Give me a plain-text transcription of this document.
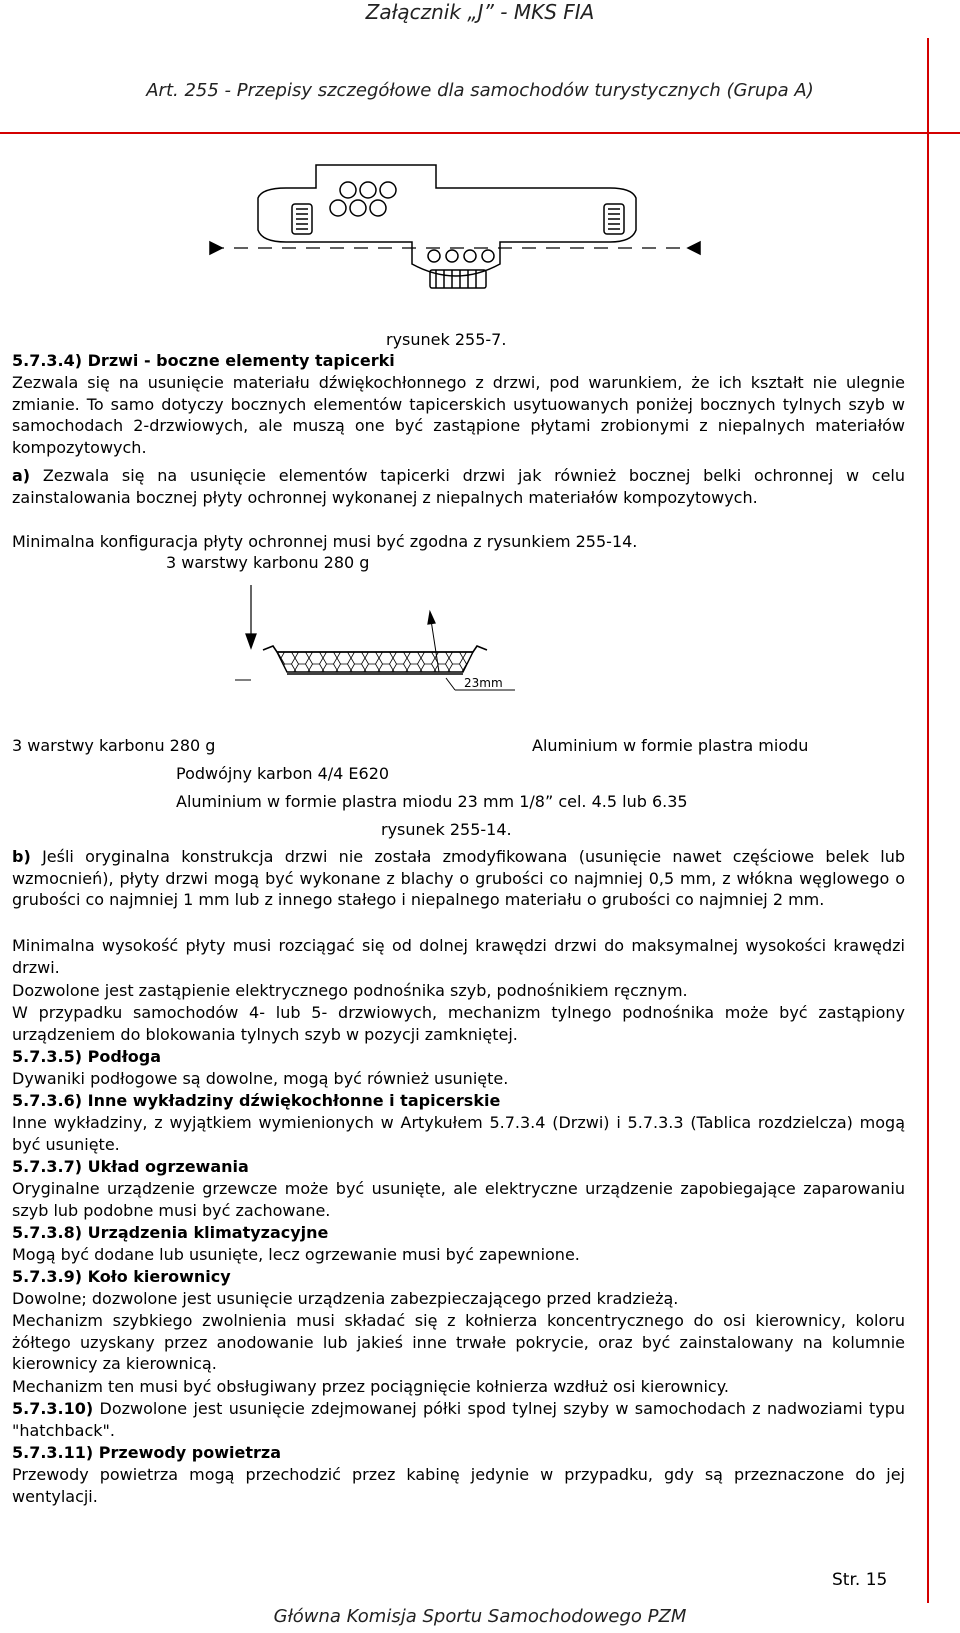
Załącznik „J” - MKS FIA
Art. 255 - Przepisy szczegółowe dla samochodów turystycznych (Grupa A)
rysunek 255-7.
5.7.3.4) Drzwi - boczne elementy tapicerki
Zezwala się na usunięcie materiału dźwiękochłonnego z drzwi, pod warunkiem, że ich kształt nie ulegnie zmianie. To samo dotyczy bocznych elementów tapicerskich usytuowanych poniżej bocznych tylnych szyb w samochodach 2-drzwiowych, ale muszą one być zastąpione płytami zrobionymi z niepalnych materiałów kompozytowych.
a) Zezwala się na usunięcie elementów tapicerki drzwi jak również bocznej belki ochronnej w celu zainstalowania bocznej płyty ochronnej wykonanej z niepalnych materiałów kompozytowych.
Minimalna konfiguracja płyty ochronnej musi być zgodna z rysunkiem 255-14.
3 warstwy karbonu 280 g
23mm
3 warstwy karbonu 280 g	Aluminium w formie plastra miodu
Podwójny karbon 4/4 E620
Aluminium w formie plastra miodu 23 mm 1/8” cel. 4.5 lub 6.35
rysunek 255-14.
b) Jeśli oryginalna konstrukcja drzwi nie została zmodyfikowana (usunięcie nawet częściowe belek lub wzmocnień), płyty drzwi mogą być wykonane z blachy o grubości co najmniej 0,5 mm, z włókna węglowego o grubości co najmniej 1 mm lub z innego stałego i niepalnego materiału o grubości co najmniej 2 mm.
Minimalna wysokość płyty musi rozciągać się od dolnej krawędzi drzwi do maksymalnej wysokości krawędzi drzwi.
Dozwolone jest zastąpienie elektrycznego podnośnika szyb, podnośnikiem ręcznym.
W przypadku samochodów 4- lub 5- drzwiowych, mechanizm tylnego podnośnika może być zastąpiony urządzeniem do blokowania tylnych szyb w pozycji zamkniętej.
5.7.3.5) Podłoga
Dywaniki podłogowe są dowolne, mogą być również usunięte.
5.7.3.6) Inne wykładziny dźwiękochłonne i tapicerskie
Inne wykładziny, z wyjątkiem wymienionych w Artykułem 5.7.3.4 (Drzwi) i 5.7.3.3 (Tablica rozdzielcza) mogą być usunięte.
5.7.3.7) Układ ogrzewania
Oryginalne urządzenie grzewcze może być usunięte, ale elektryczne urządzenie zapobiegające zaparowaniu szyb lub podobne musi być zachowane.
5.7.3.8) Urządzenia klimatyzacyjne
Mogą być dodane lub usunięte, lecz ogrzewanie musi być zapewnione.
5.7.3.9) Koło kierownicy
Dowolne; dozwolone jest usunięcie urządzenia zabezpieczającego przed kradzieżą.
Mechanizm szybkiego zwolnienia musi składać się z kołnierza koncentrycznego do osi kierownicy, koloru żółtego uzyskany przez anodowanie lub jakieś inne trwałe pokrycie, oraz być zainstalowany na kolumnie kierownicy za kierownicą.
Mechanizm ten musi być obsługiwany przez pociągnięcie kołnierza wzdłuż osi kierownicy.
5.7.3.10) Dozwolone jest usunięcie zdejmowanej półki spod tylnej szyby w samochodach z nadwoziami typu "hatchback".
5.7.3.11) Przewody powietrza
Przewody powietrza mogą przechodzić przez kabinę jedynie w przypadku, gdy są przeznaczone do jej wentylacji.
Str. 15
Główna Komisja Sportu Samochodowego PZM
